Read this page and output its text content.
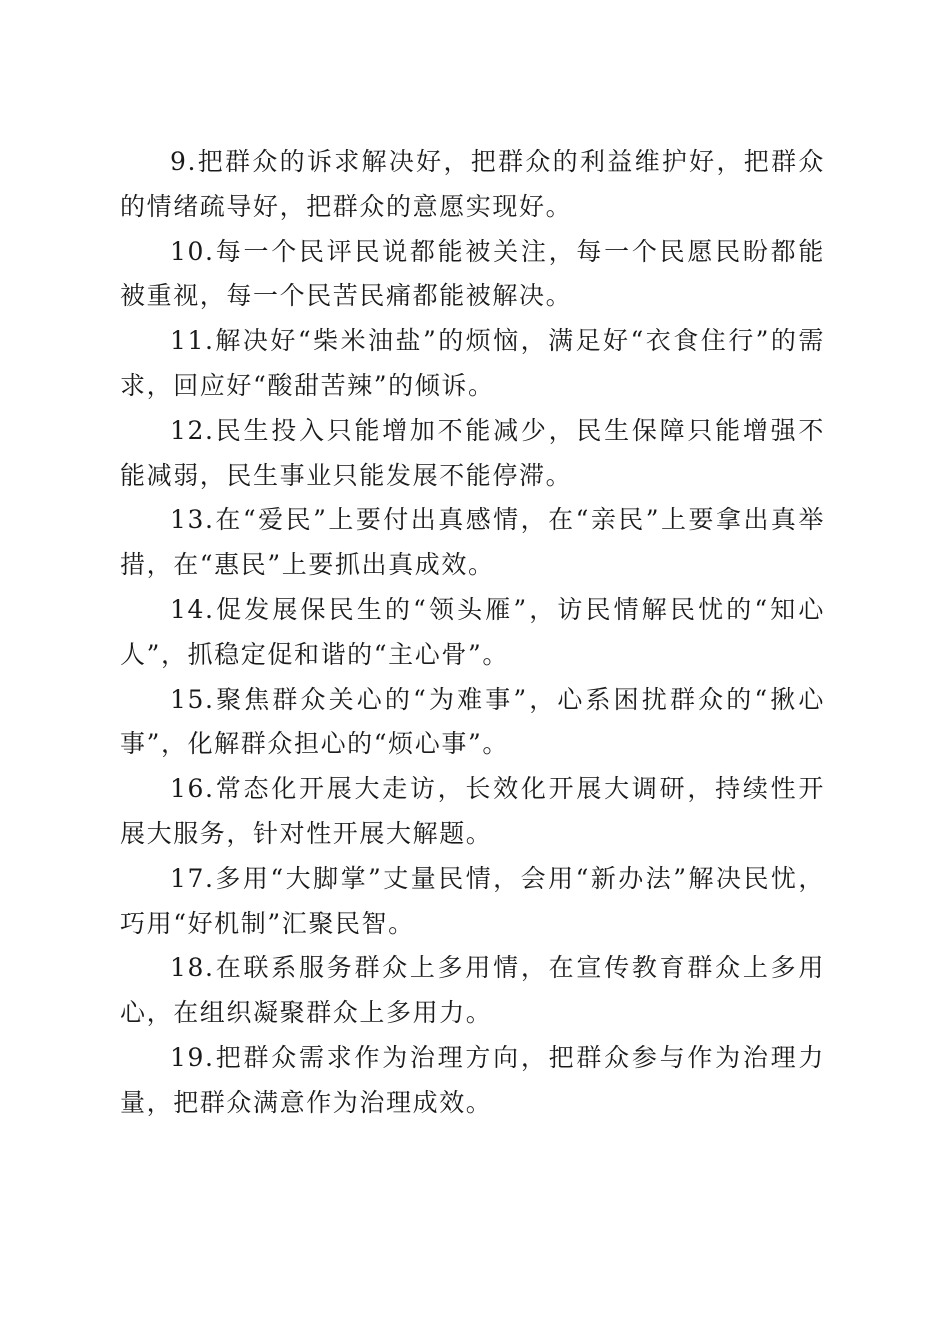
9.把群众的诉求解决好，把群众的利益维护好，把群众的情绪疏导好，把群众的意愿实现好。

10.每一个民评民说都能被关注，每一个民愿民盼都能被重视，每一个民苦民痛都能被解决。

11.解决好“柴米油盐”的烦恼，满足好“衣食住行”的需求，回应好“酸甜苦辣”的倾诉。

12.民生投入只能增加不能减少，民生保障只能增强不能减弱，民生事业只能发展不能停滞。

13.在“爱民”上要付出真感情，在“亲民”上要拿出真举措，在“惠民”上要抓出真成效。

14.促发展保民生的“领头雁”，访民情解民忧的“知心人”，抓稳定促和谐的“主心骨”。

15.聚焦群众关心的“为难事”，心系困扰群众的“揪心事”，化解群众担心的“烦心事”。

16.常态化开展大走访，长效化开展大调研，持续性开展大服务，针对性开展大解题。

17.多用“大脚掌”丈量民情，会用“新办法”解决民忧，巧用“好机制”汇聚民智。

18.在联系服务群众上多用情，在宣传教育群众上多用心，在组织凝聚群众上多用力。

19.把群众需求作为治理方向，把群众参与作为治理力量，把群众满意作为治理成效。
